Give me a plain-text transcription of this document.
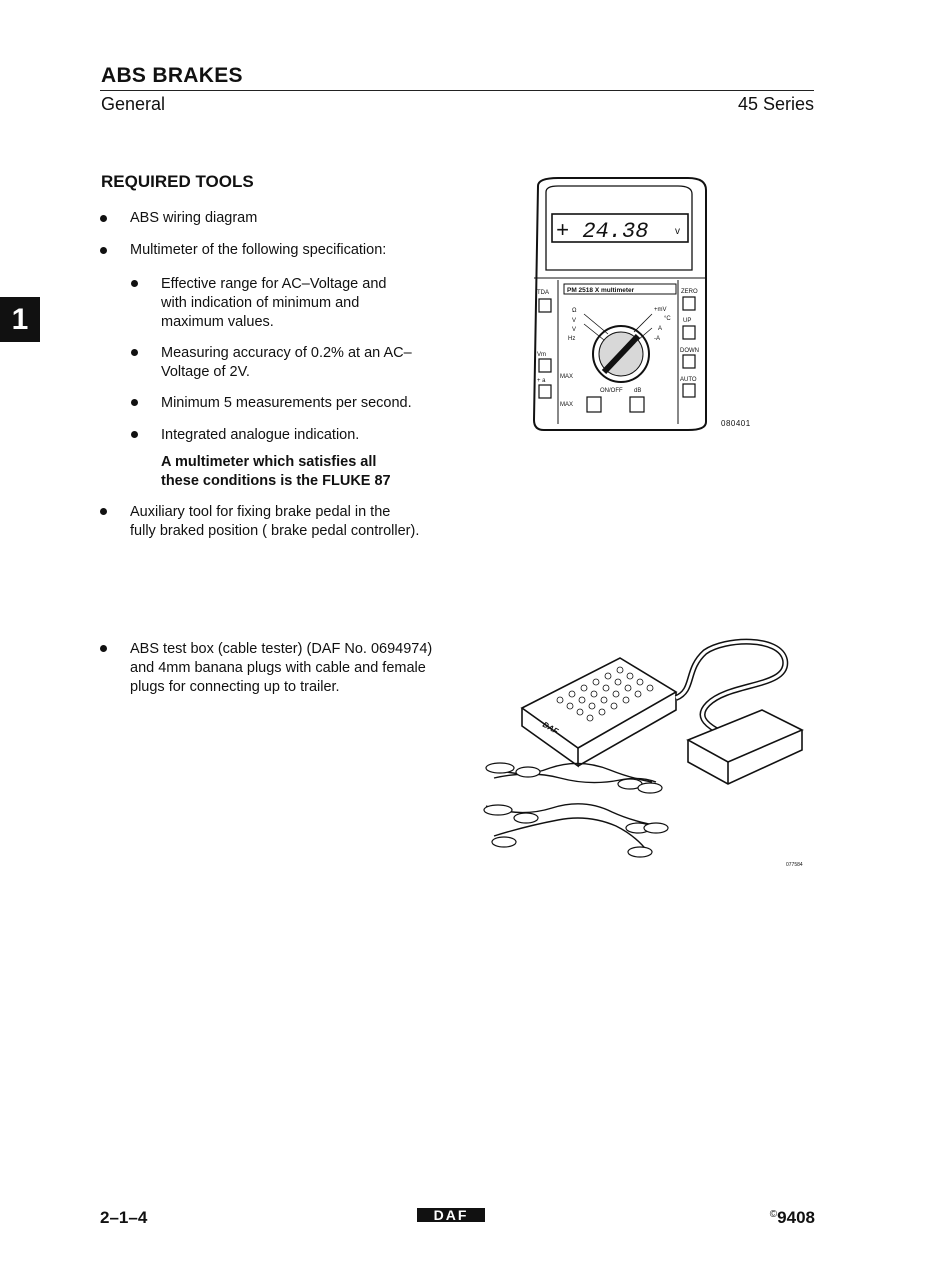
ABS BRAKES
General	45 Series
1
REQUIRED TOOLS
ABS wiring diagram
Multimeter of the following specification:
Effective range for AC–Voltage and with indication of minimum and maximum values.
Measuring accuracy of 0.2% at an AC–Voltage of 2V.
Minimum 5 measurements per second.
Integrated analogue indication.
A multimeter which satisfies all these conditions is the FLUKE 87
Auxiliary tool for fixing brake pedal in the fully braked position ( brake pedal controller).
ABS test box (cable tester) (DAF No. 0694974) and 4mm banana plugs with cable and female plugs for connecting up to trailer.
+ 24.38	v
PM 2518 X multimeter
TDA
Vm
+ a
ZERO
UP
DOWN
AUTO
Ω
V
V
Hz
+mV
°C
A
-A
MAX
MAX
ON/OFF dB
080401
DAF
077584
2–1–4	DAF	©9408
